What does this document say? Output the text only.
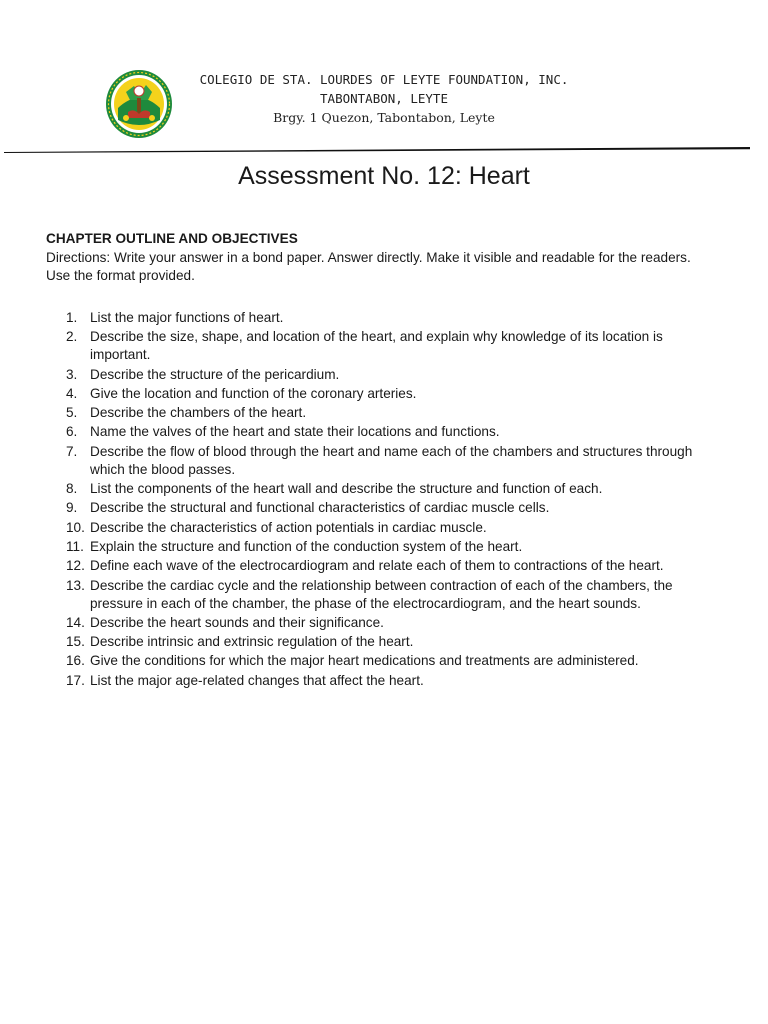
COLEGIO DE STA. LOURDES OF LEYTE FOUNDATION, INC.
TABONTABON, LEYTE
Brgy. 1 Quezon, Tabontabon, Leyte
Assessment No. 12: Heart
CHAPTER OUTLINE AND OBJECTIVES
Directions: Write your answer in a bond paper. Answer directly. Make it visible and readable for the readers. Use the format provided.
1. List the major functions of heart.
2. Describe the size, shape, and location of the heart, and explain why knowledge of its location is important.
3. Describe the structure of the pericardium.
4. Give the location and function of the coronary arteries.
5. Describe the chambers of the heart.
6. Name the valves of the heart and state their locations and functions.
7. Describe the flow of blood through the heart and name each of the chambers and structures through which the blood passes.
8. List the components of the heart wall and describe the structure and function of each.
9. Describe the structural and functional characteristics of cardiac muscle cells.
10. Describe the characteristics of action potentials in cardiac muscle.
11. Explain the structure and function of the conduction system of the heart.
12. Define each wave of the electrocardiogram and relate each of them to contractions of the heart.
13. Describe the cardiac cycle and the relationship between contraction of each of the chambers, the pressure in each of the chamber, the phase of the electrocardiogram, and the heart sounds.
14. Describe the heart sounds and their significance.
15. Describe intrinsic and extrinsic regulation of the heart.
16. Give the conditions for which the major heart medications and treatments are administered.
17. List the major age-related changes that affect the heart.
